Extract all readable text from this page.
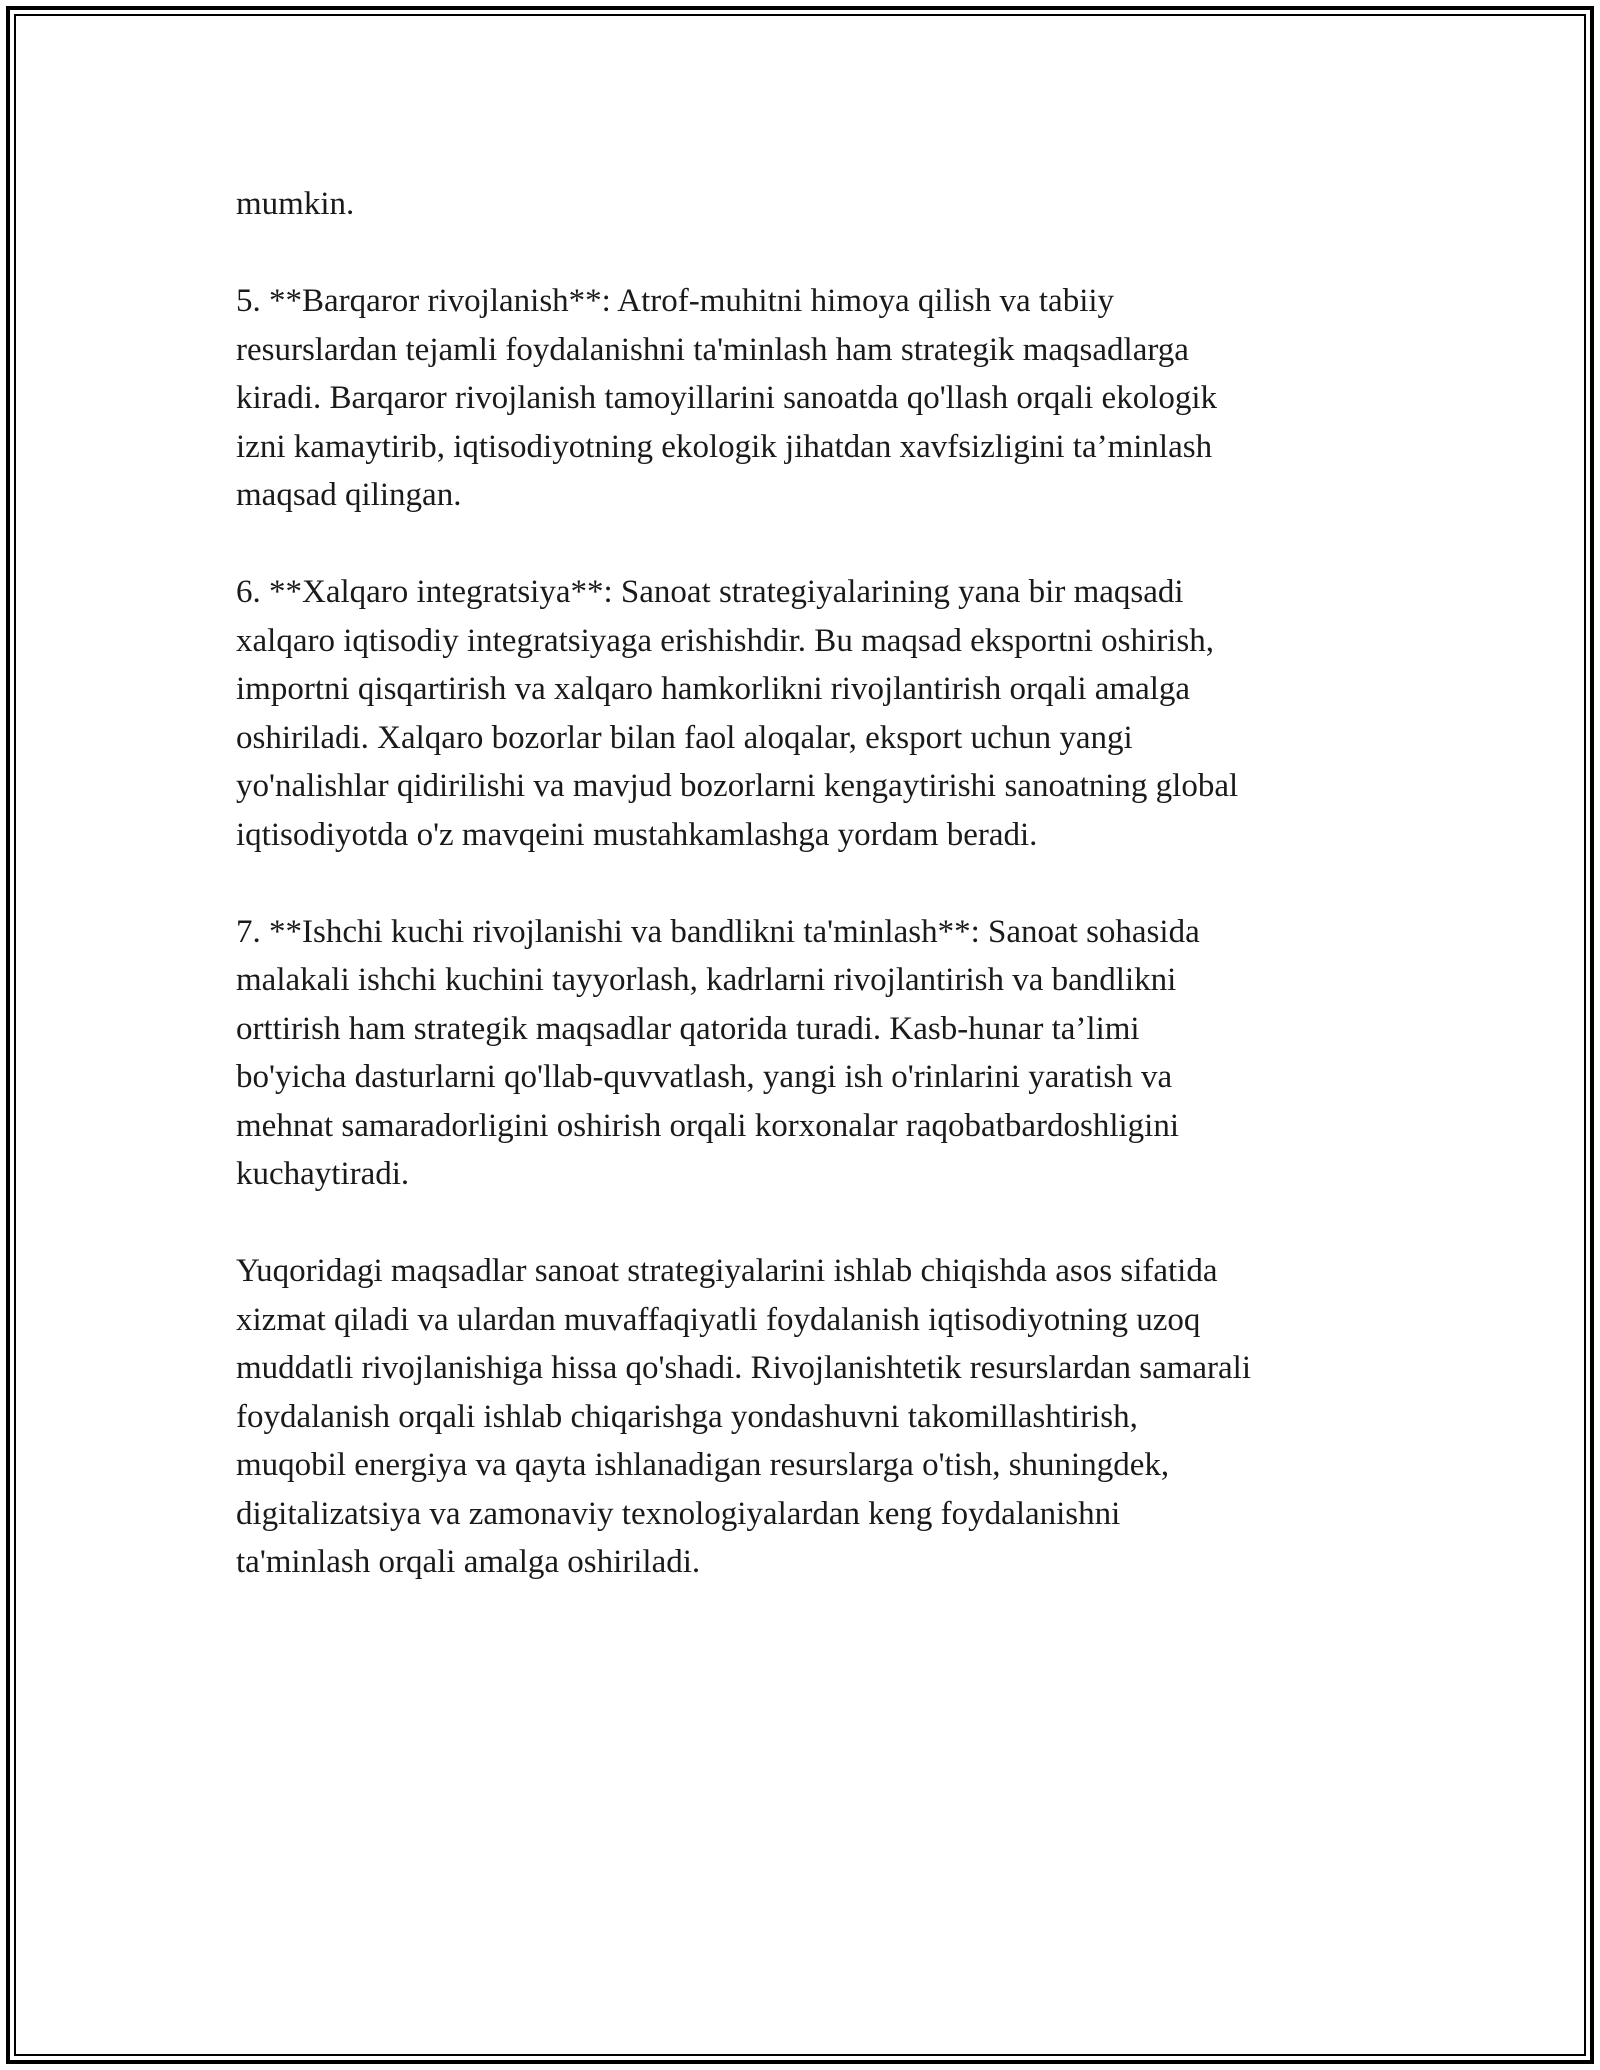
mumkin.

5. **Barqaror rivojlanish**: Atrof-muhitni himoya qilish va tabiiy
resurslardan tejamli foydalanishni ta'minlash ham strategik maqsadlarga
kiradi. Barqaror rivojlanish tamoyillarini sanoatda qo'llash orqali ekologik
izni kamaytirib, iqtisodiyotning ekologik jihatdan xavfsizligini ta’minlash
maqsad qilingan.

6. **Xalqaro integratsiya**: Sanoat strategiyalarining yana bir maqsadi
xalqaro iqtisodiy integratsiyaga erishishdir. Bu maqsad eksportni oshirish,
importni qisqartirish va xalqaro hamkorlikni rivojlantirish orqali amalga
oshiriladi. Xalqaro bozorlar bilan faol aloqalar, eksport uchun yangi
yo'nalishlar qidirilishi va mavjud bozorlarni kengaytirishi sanoatning global
iqtisodiyotda o'z mavqeini mustahkamlashga yordam beradi.

7. **Ishchi kuchi rivojlanishi va bandlikni ta'minlash**: Sanoat sohasida
malakali ishchi kuchini tayyorlash, kadrlarni rivojlantirish va bandlikni
orttirish ham strategik maqsadlar qatorida turadi. Kasb-hunar ta’limi
bo'yicha dasturlarni qo'llab-quvvatlash, yangi ish o'rinlarini yaratish va
mehnat samaradorligini oshirish orqali korxonalar raqobatbardoshligini
kuchaytiradi.

Yuqoridagi maqsadlar sanoat strategiyalarini ishlab chiqishda asos sifatida
xizmat qiladi va ulardan muvaffaqiyatli foydalanish iqtisodiyotning uzoq
muddatli rivojlanishiga hissa qo'shadi. Rivojlanishtetik resurslardan samarali
foydalanish orqali ishlab chiqarishga yondashuvni takomillashtirish,
muqobil energiya va qayta ishlanadigan resurslarga o'tish, shuningdek,
digitalizatsiya va zamonaviy texnologiyalardan keng foydalanishni
ta'minlash orqali amalga oshiriladi.
